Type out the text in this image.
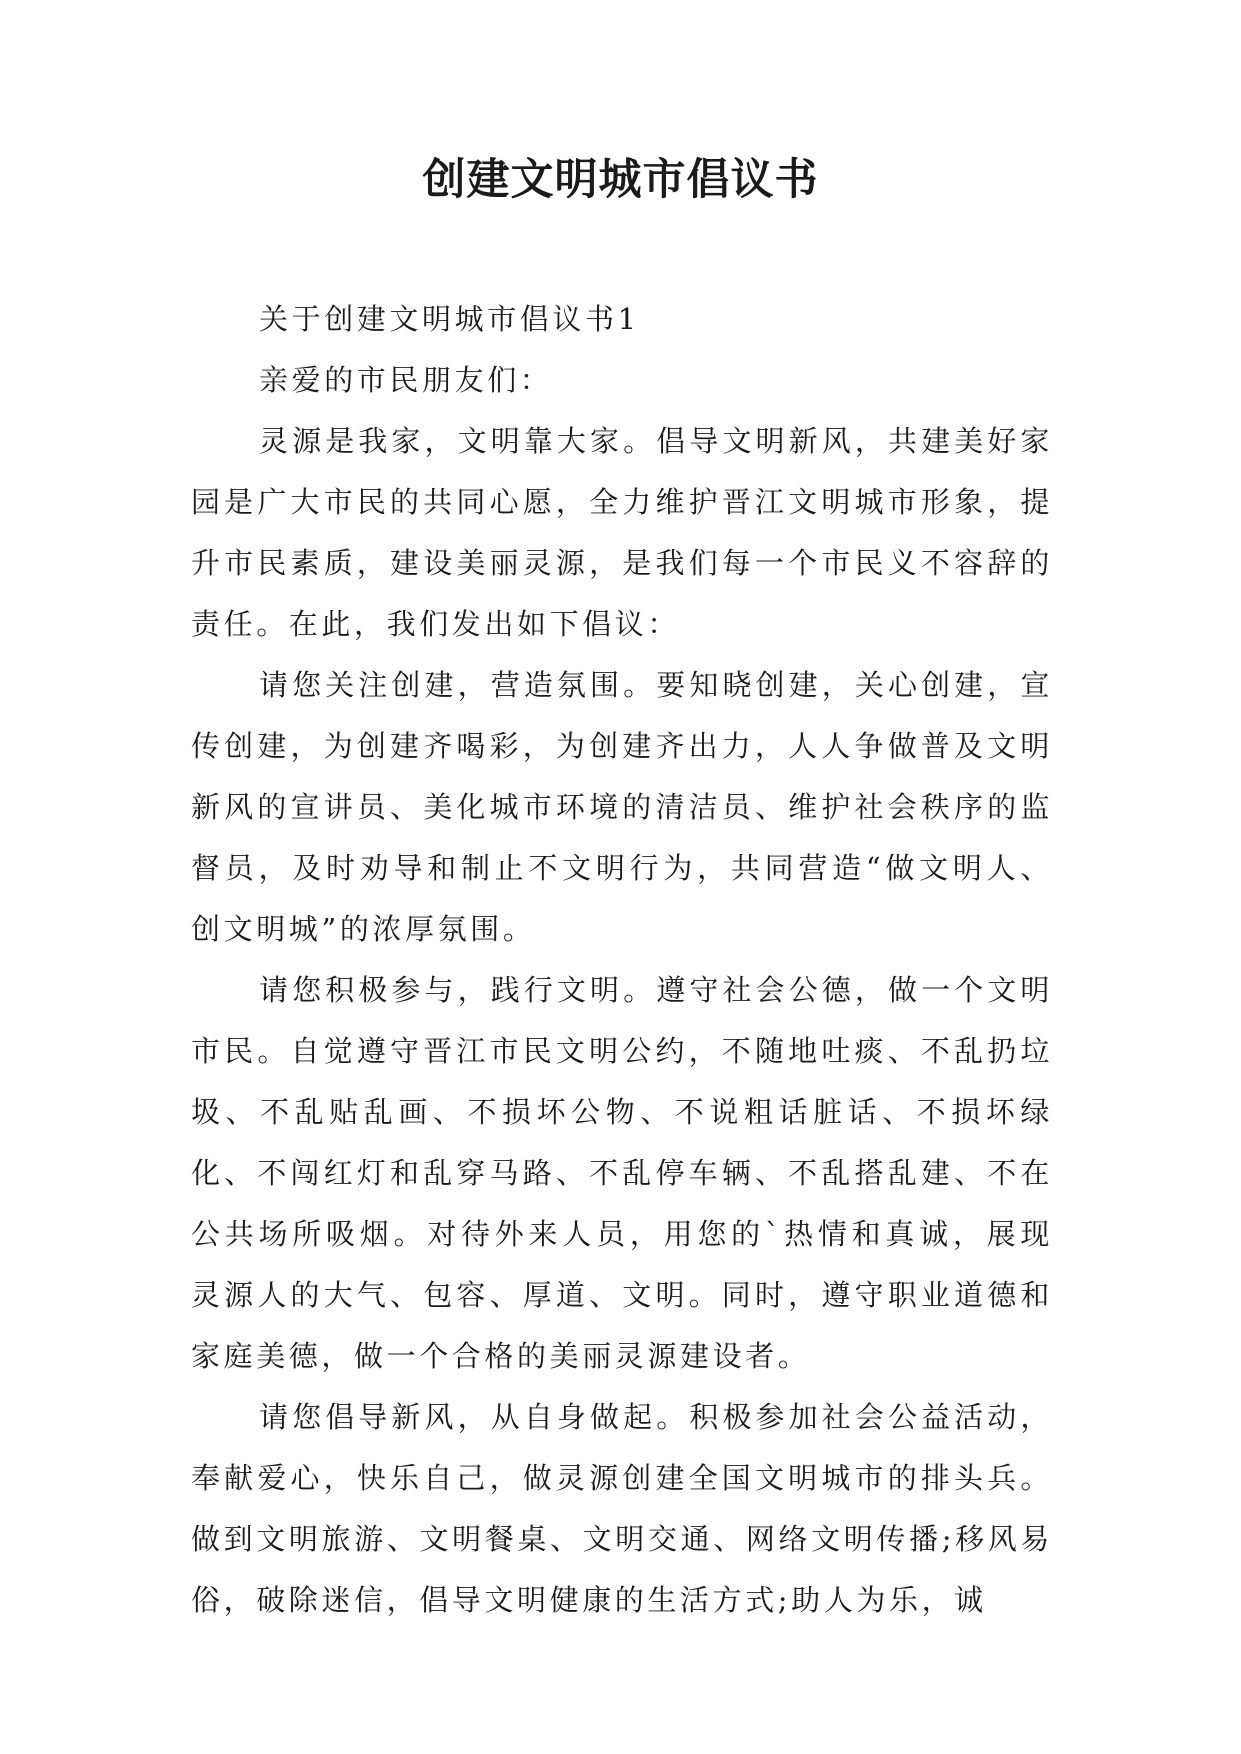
创建文明城市倡议书

关于创建文明城市倡议书1

亲爱的市民朋友们：

灵源是我家，文明靠大家。倡导文明新风，共建美好家园是广大市民的共同心愿，全力维护晋江文明城市形象，提升市民素质，建设美丽灵源，是我们每一个市民义不容辞的责任。在此，我们发出如下倡议：

请您关注创建，营造氛围。要知晓创建，关心创建，宣传创建，为创建齐喝彩，为创建齐出力，人人争做普及文明新风的宣讲员、美化城市环境的清洁员、维护社会秩序的监督员，及时劝导和制止不文明行为，共同营造“做文明人、创文明城”的浓厚氛围。

请您积极参与，践行文明。遵守社会公德，做一个文明市民。自觉遵守晋江市民文明公约，不随地吐痰、不乱扔垃圾、不乱贴乱画、不损坏公物、不说粗话脏话、不损坏绿化、不闯红灯和乱穿马路、不乱停车辆、不乱搭乱建、不在公共场所吸烟。对待外来人员，用您的`热情和真诚，展现灵源人的大气、包容、厚道、文明。同时，遵守职业道德和家庭美德，做一个合格的美丽灵源建设者。

请您倡导新风，从自身做起。积极参加社会公益活动，奉献爱心，快乐自己，做灵源创建全国文明城市的排头兵。做到文明旅游、文明餐桌、文明交通、网络文明传播;移风易俗，破除迷信，倡导文明健康的生活方式;助人为乐，诚
